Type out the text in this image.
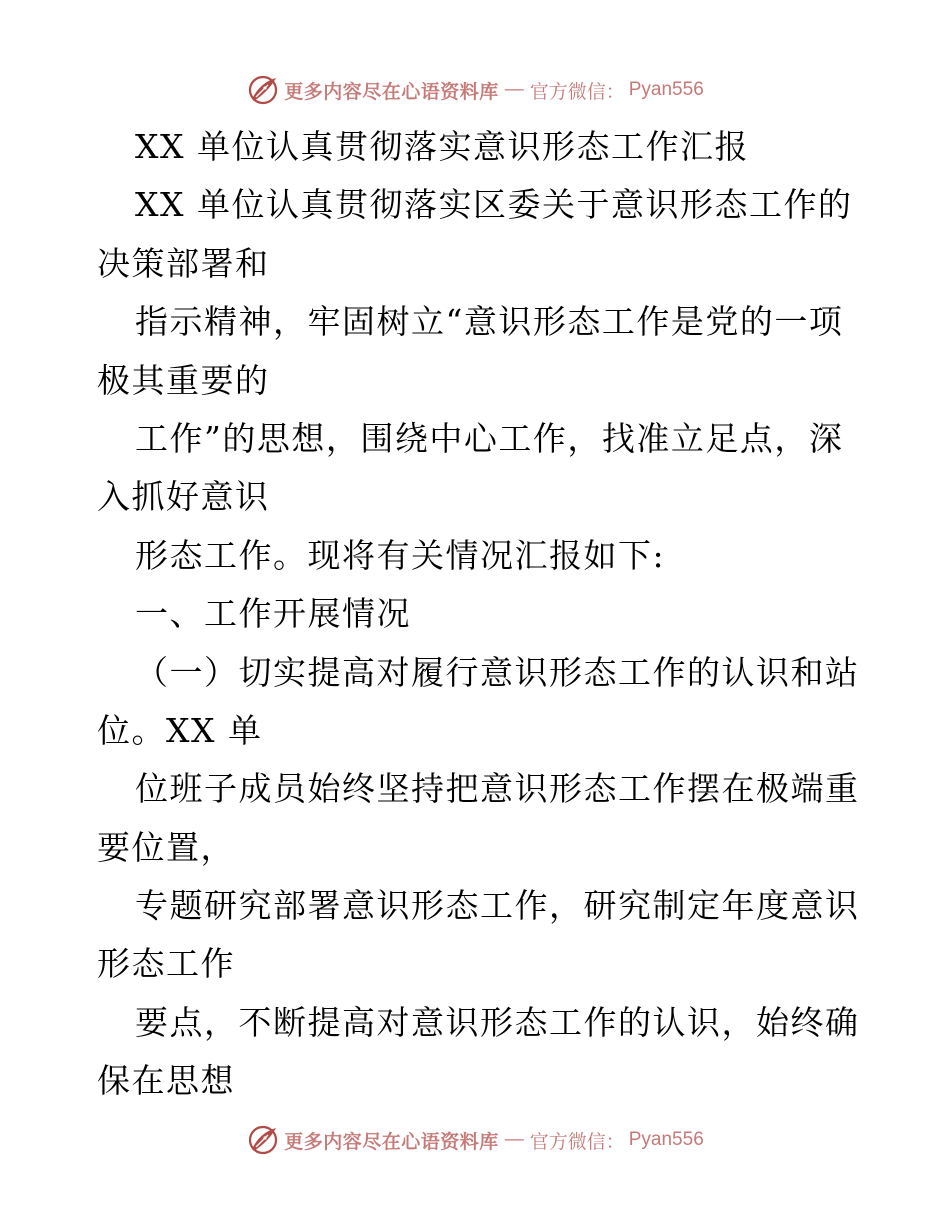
更多内容尽在心语资料库 — 官方微信： Pyan556
XX 单位认真贯彻落实意识形态工作汇报
XX 单位认真贯彻落实区委关于意识形态工作的
决策部署和
指示精神，牢固树立“意识形态工作是党的一项
极其重要的
工作”的思想，围绕中心工作，找准立足点，深
入抓好意识
形态工作。现将有关情况汇报如下:
一、工作开展情况
（一）切实提高对履行意识形态工作的认识和站
位。XX 单
位班子成员始终坚持把意识形态工作摆在极端重
要位置，
专题研究部署意识形态工作，研究制定年度意识
形态工作
要点，不断提高对意识形态工作的认识，始终确
保在思想
更多内容尽在心语资料库 — 官方微信： Pyan556
